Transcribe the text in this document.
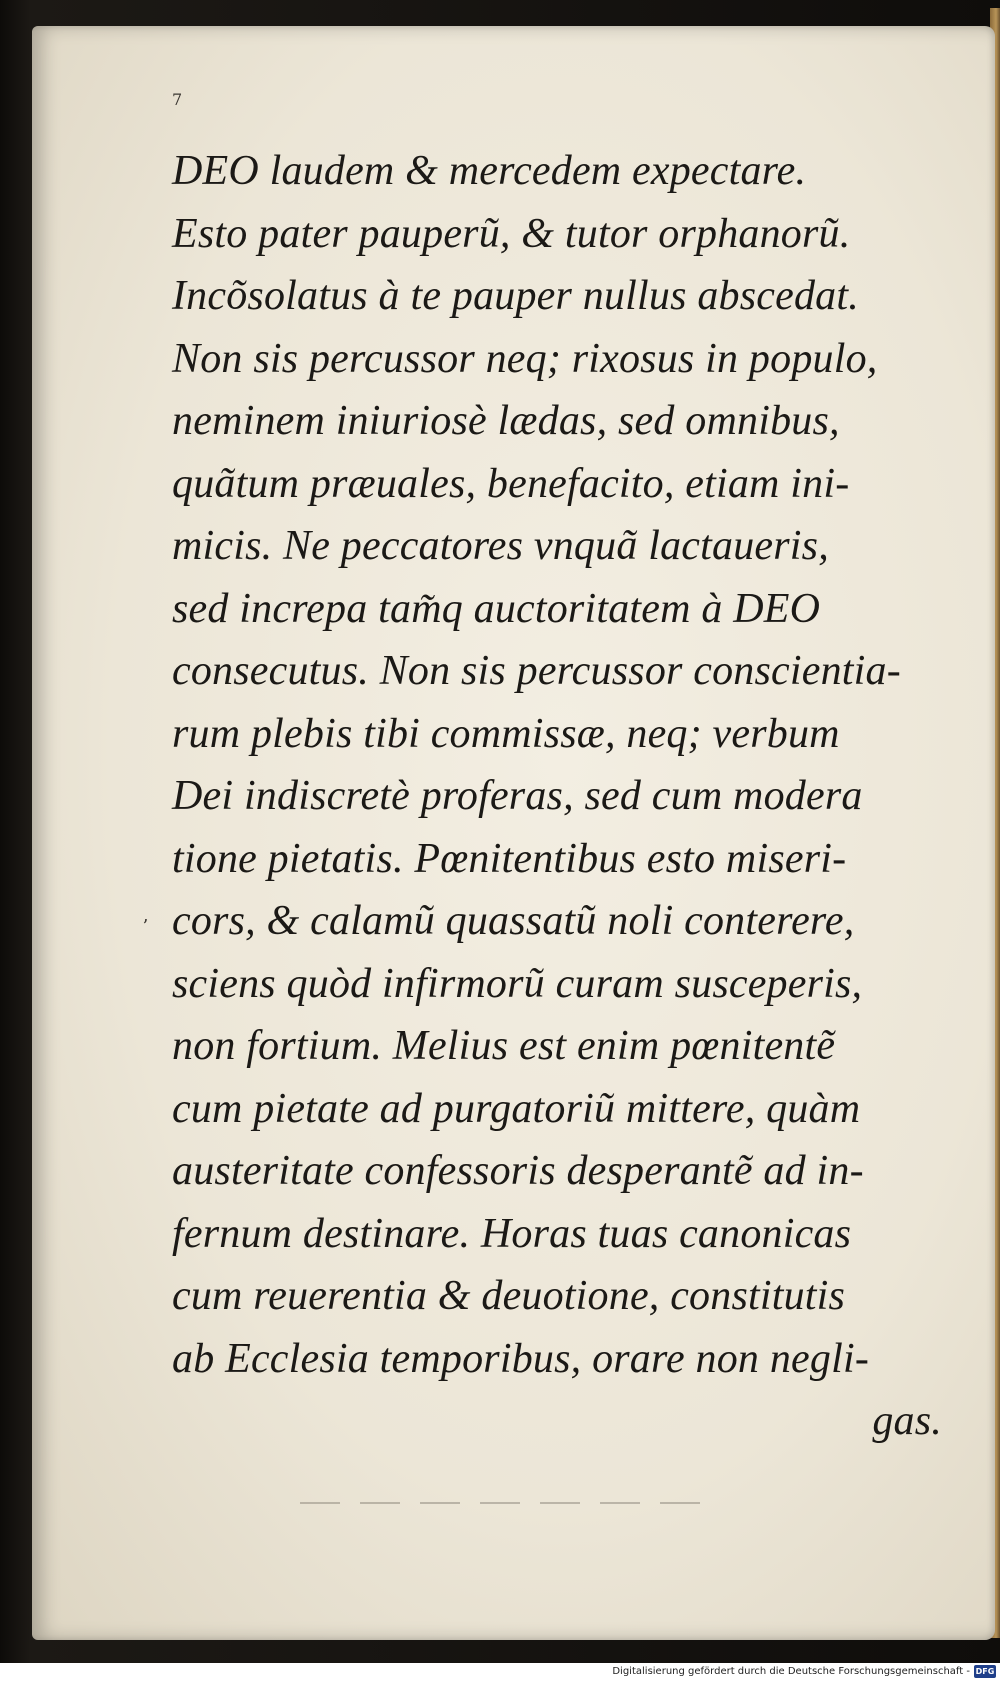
7
ʼ
DEO laudem & mercedem expectare.
Esto pater pauperũ, & tutor orphanorũ.
Incõsolatus à te pauper nullus abscedat.
Non sis percussor neq; rixosus in populo,
neminem iniuriosè lædas, sed omnibus,
quãtum præuales, benefacito, etiam ini-
micis. Ne peccatores vnquã lactaueris,
sed increpa tam͂q auctoritatem à DEO
consecutus. Non sis percussor conscientia-
rum plebis tibi commissæ, neq; verbum
Dei indiscretè proferas, sed cum modera
tione pietatis. Pœnitentibus esto miseri-
cors, & calamũ quassatũ noli conterere,
sciens quòd infirmorũ curam susceperis,
non fortium. Melius est enim pœnitentẽ
cum pietate ad purgatoriũ mittere, quàm
austeritate confessoris desperantẽ ad in-
fernum destinare. Horas tuas canonicas
cum reuerentia & deuotione, constitutis
ab Ecclesia temporibus, orare non negli-
gas.
Digitalisierung gefördert durch die Deutsche Forschungsgemeinschaft - DFG
